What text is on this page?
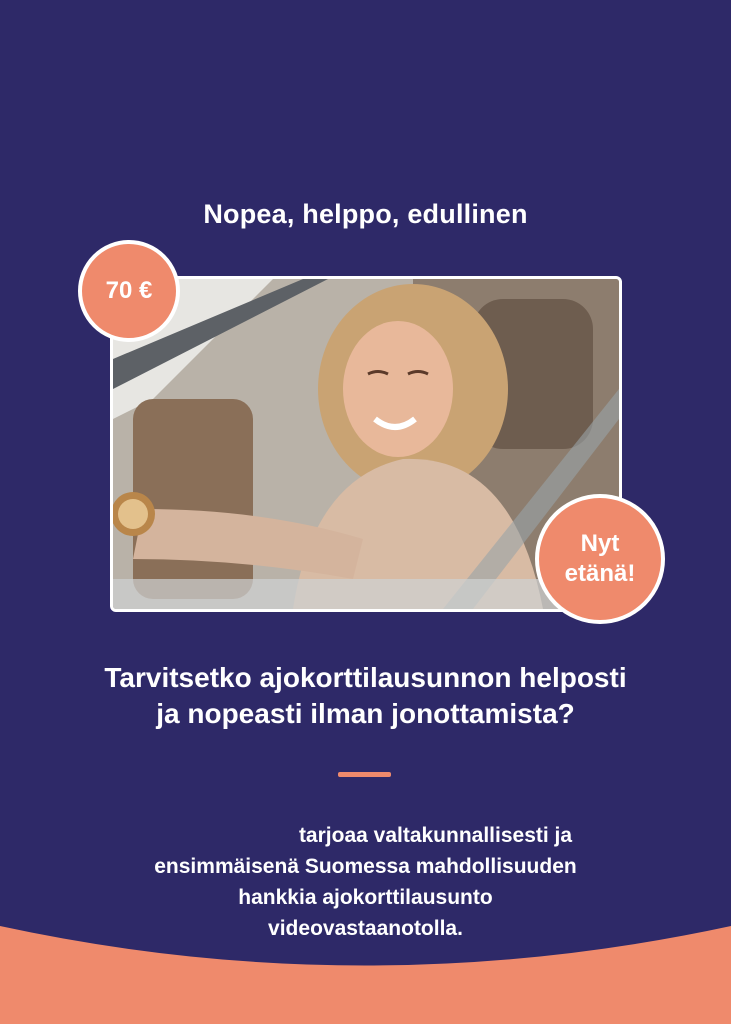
Nopea, helppo, edullinen
70 €
Nyt
etänä!
Tarvitsetko ajokorttilausunnon helposti
ja nopeasti ilman jonottamista?
tarjoaa valtakunnallisesti ja
ensimmäisenä Suomessa mahdollisuuden
hankkia ajokorttilausunto
videovastaanotolla.
